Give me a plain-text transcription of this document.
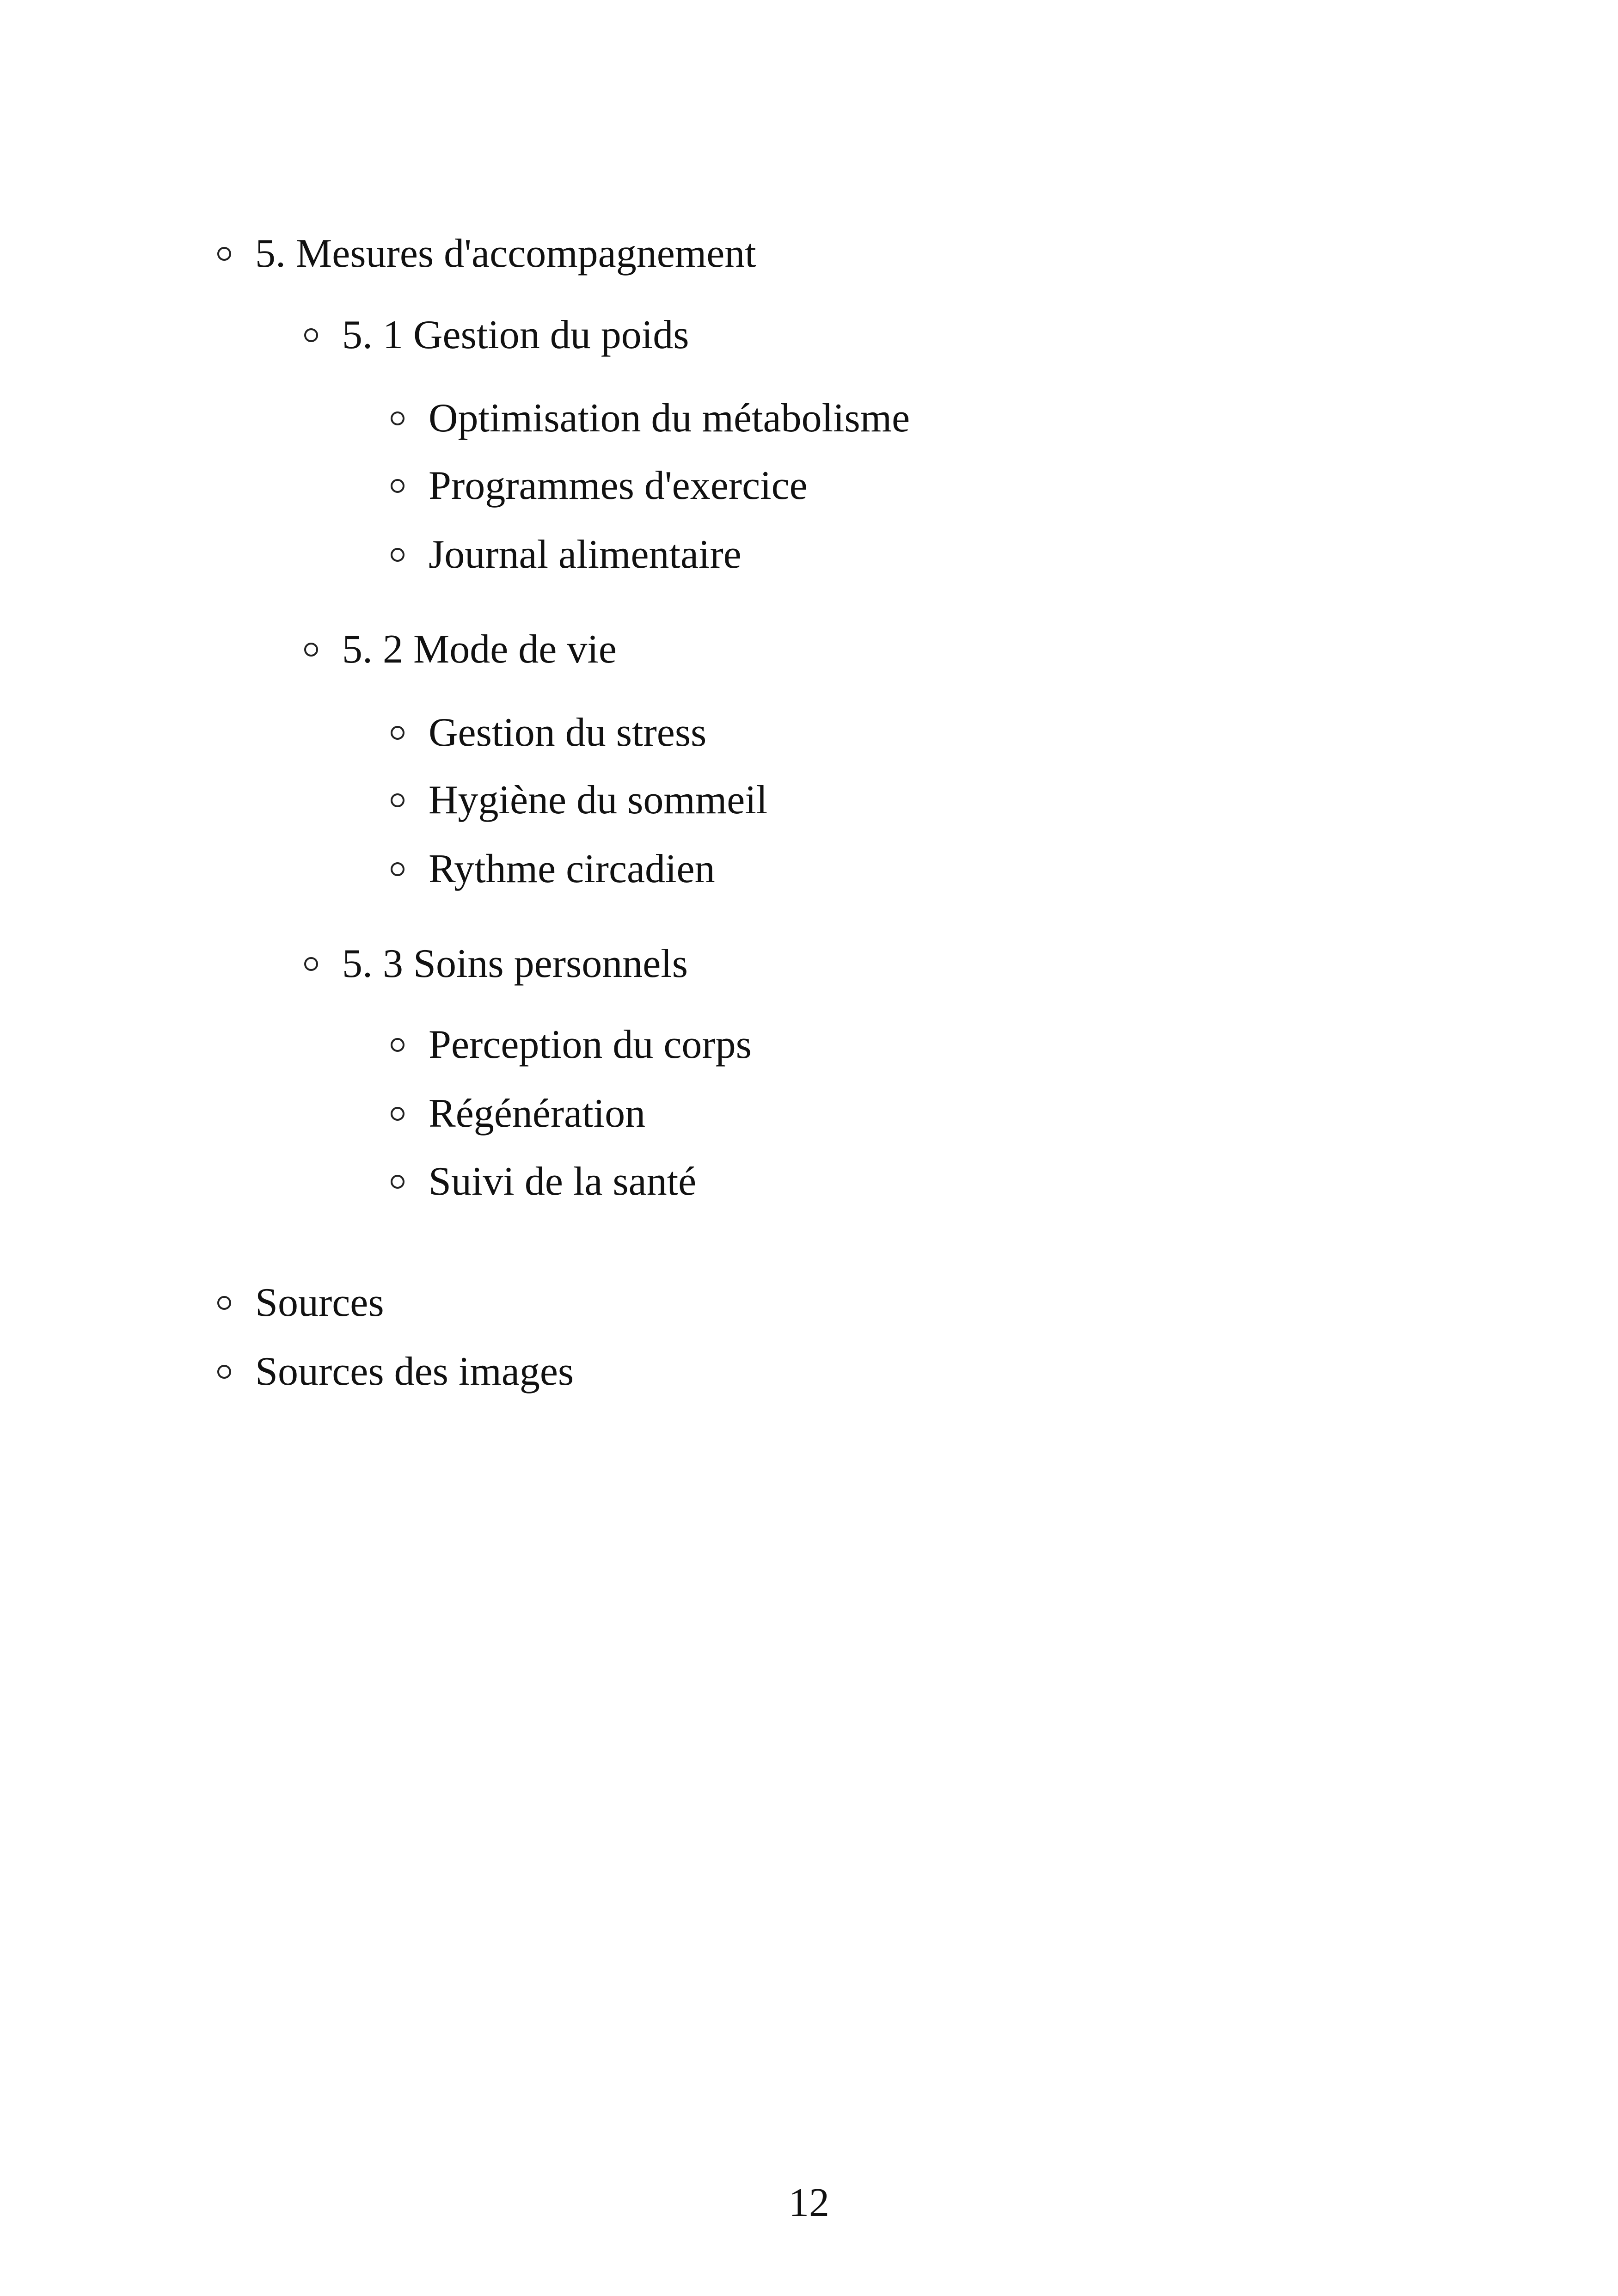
5. Mesures d'accompagnement
5. 1 Gestion du poids
Optimisation du métabolisme
Programmes d'exercice
Journal alimentaire
5. 2 Mode de vie
Gestion du stress
Hygiène du sommeil
Rythme circadien
5. 3 Soins personnels
Perception du corps
Régénération
Suivi de la santé
Sources
Sources des images
12
